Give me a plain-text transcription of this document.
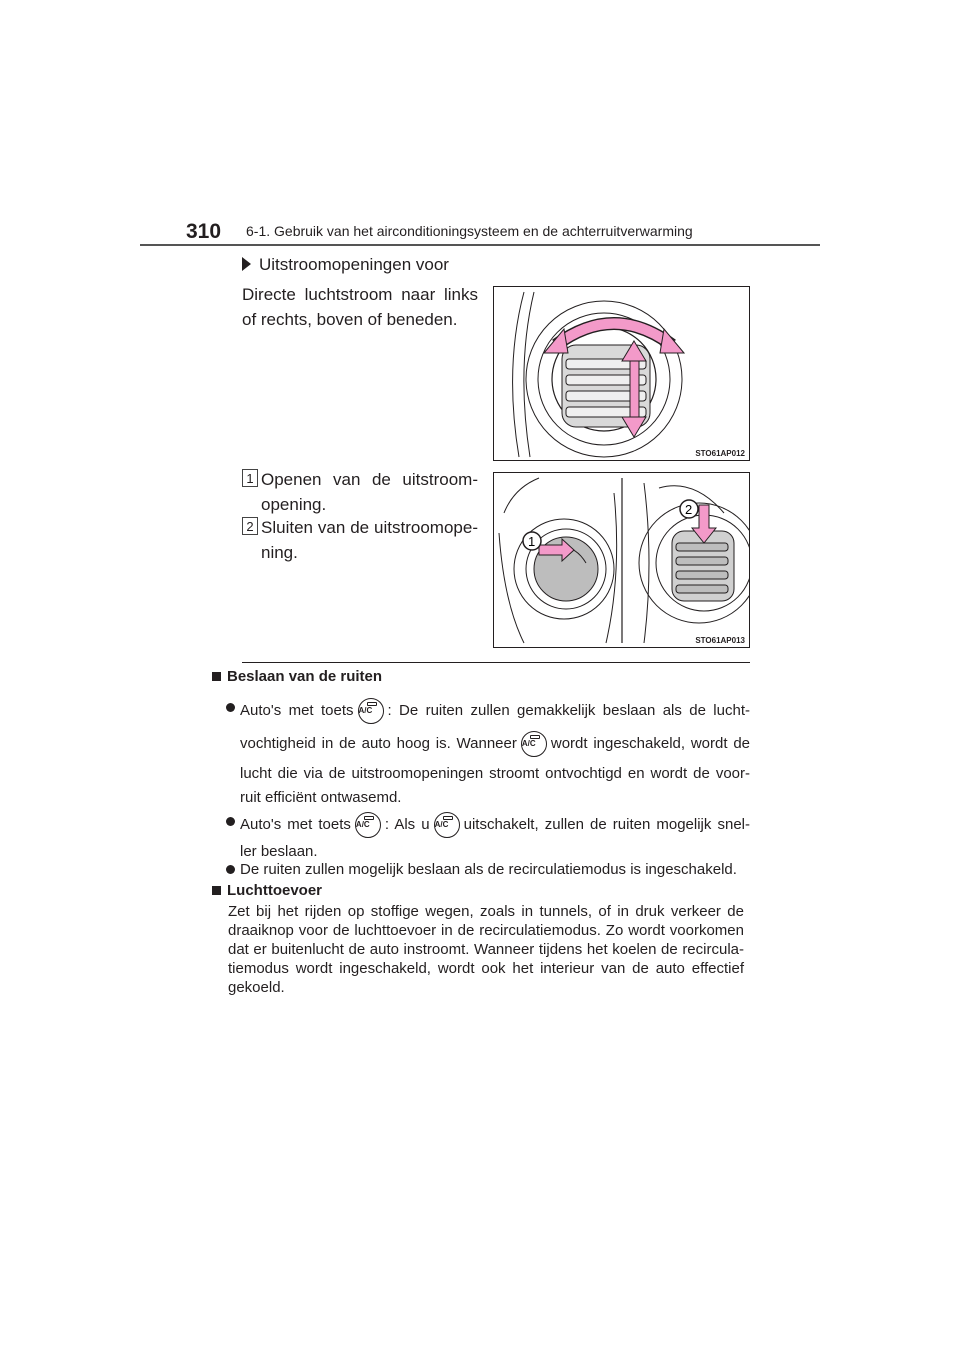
310 6-1. Gebruik van het airconditioningsysteem en de achterruitverwarming
Uitstroomopeningen voor
Directe luchtstroom naar links
of rechts, boven of beneden.
STO61AP012
1 Openen van de uitstroom-
opening.
2 Sluiten van de uitstroomope-
ning.
1
2
STO61AP013
Beslaan van de ruiten
Auto's met toets A/C : De ruiten zullen gemakkelijk beslaan als de lucht-
vochtigheid in de auto hoog is. Wanneer A/C wordt ingeschakeld, wordt de
lucht die via de uitstroomopeningen stroomt ontvochtigd en wordt de voor-
ruit efficiënt ontwasemd.
Auto's met toets A/C : Als u A/C uitschakelt, zullen de ruiten mogelijk snel-
ler beslaan.
De ruiten zullen mogelijk beslaan als de recirculatiemodus is ingeschakeld.
Luchttoevoer
Zet bij het rijden op stoffige wegen, zoals in tunnels, of in druk verkeer de
draaiknop voor de luchttoevoer in de recirculatiemodus. Zo wordt voorkomen
dat er buitenlucht de auto instroomt. Wanneer tijdens het koelen de recircula-
tiemodus wordt ingeschakeld, wordt ook het interieur van de auto effectief
gekoeld.
